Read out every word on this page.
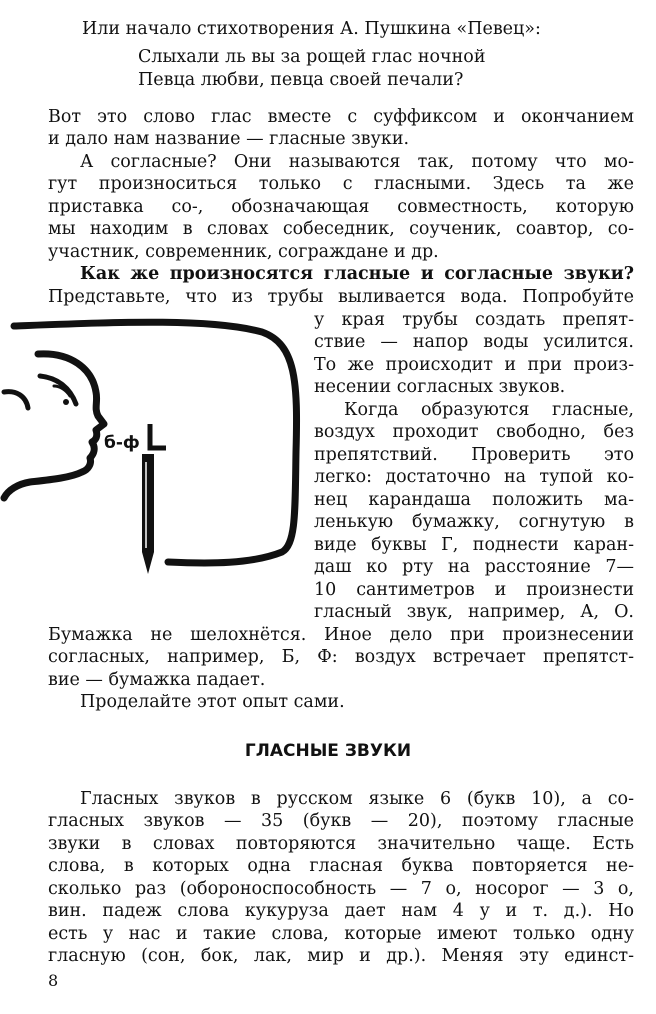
Или начало стихотворения А. Пушкина «Певец»:
Слыхали ль вы за рощей глас ночной
Певца любви, певца своей печали?
Вот это слово глас вместе с суффиксом и окончанием
и дало нам название — гласные звуки.
А согласные? Они называются так, потому что мо-
гут произноситься только с гласными. Здесь та же
приставка со-, обозначающая совместность, которую
мы находим в словах собеседник, соученик, соавтор, со-
участник, современник, согражданe и др.
Как же произносятся гласные и согласные звуки?
Представьте, что из трубы выливается вода. Попробуйте
у края трубы создать препят-
ствие — напор воды усилится.
То же происходит и при произ-
несении согласных звуков.
Когда образуются гласные,
воздух проходит свободно, без
препятствий. Проверить это
легко: достаточно на тупой ко-
нец карандаша положить ма-
ленькую бумажку, согнутую в
виде буквы Г, поднести каран-
даш ко рту на расстояние 7—
10 сантиметров и произнести
гласный звук, например, А, О.
Бумажка не шелохнётся. Иное дело при произнесении
согласных, например, Б, Ф: воздух встречает препятст-
вие — бумажка падает.
Проделайте этот опыт сами.
б-ф
ГЛАСНЫЕ ЗВУКИ
Гласных звуков в русском языке 6 (букв 10), а со-
гласных звуков — 35 (букв — 20), поэтому гласные
звуки в словах повторяются значительно чаще. Есть
слова, в которых одна гласная буква повторяется не-
сколько раз (обороноспособность — 7 о, носорог — 3 о,
вин. падеж слова кукуруза дает нам 4 у и т. д.). Но
есть у нас и такие слова, которые имеют только одну
гласную (сон, бок, лак, мир и др.). Меняя эту единст-
8
